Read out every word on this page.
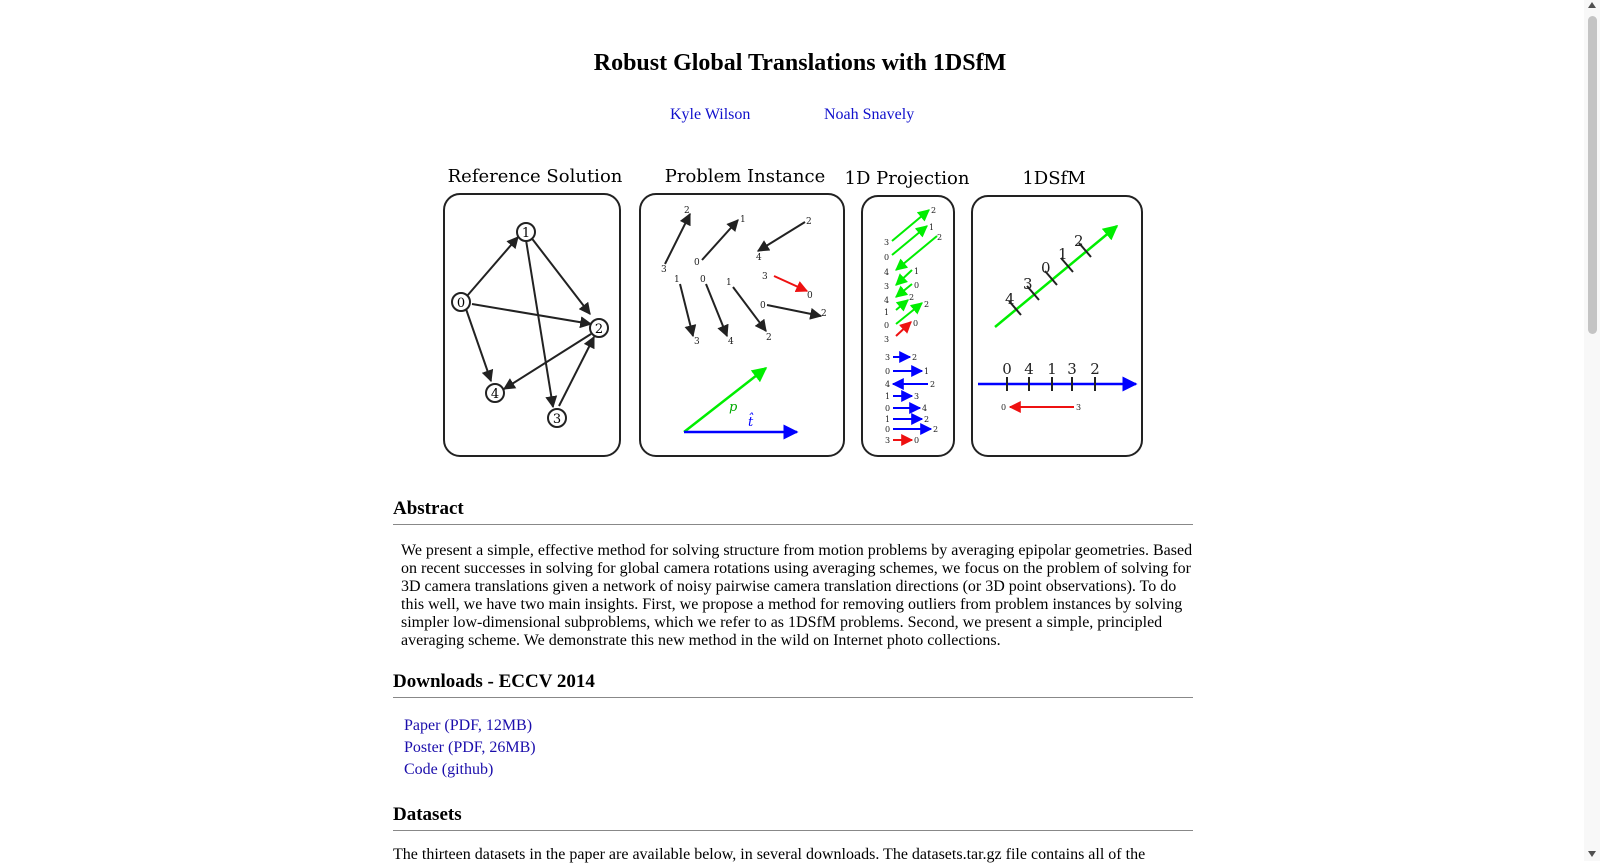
Robust Global Translations with 1DSfM
Kyle Wilson	Noah Snavely
Reference Solution
0
1
2
3
4
Problem Instance
3
2
0
1	2
4
1
3
0
4
1
2
0
2
3
0
p
t̂
1D Projection
3
2
0
1
4
2
3
1
4
0
1
2
0
2
3
0
3	2
0	1
4	2
1	3
0	4
1	2
0	2
3	0
1DSfM
4
3
0
1
2
0 4 1 3 2
0	3
Abstract

We present a simple, effective method for solving structure from motion problems by averaging epipolar geometries. Based on recent successes in solving for global camera rotations using averaging schemes, we focus on the problem of solving for 3D camera translations given a network of noisy pairwise camera translation directions (or 3D point observations). To do this well, we have two main insights. First, we propose a method for removing outliers from problem instances by solving simpler low-dimensional subproblems, which we refer to as 1DSfM problems. Second, we present a simple, principled averaging scheme. We demonstrate this new method in the wild on Internet photo collections.

Downloads - ECCV 2014
Paper (PDF, 12MB)
Poster (PDF, 26MB)
Code (github)
Datasets

The thirteen datasets in the paper are available below, in several downloads. The datasets.tar.gz file contains all of the
